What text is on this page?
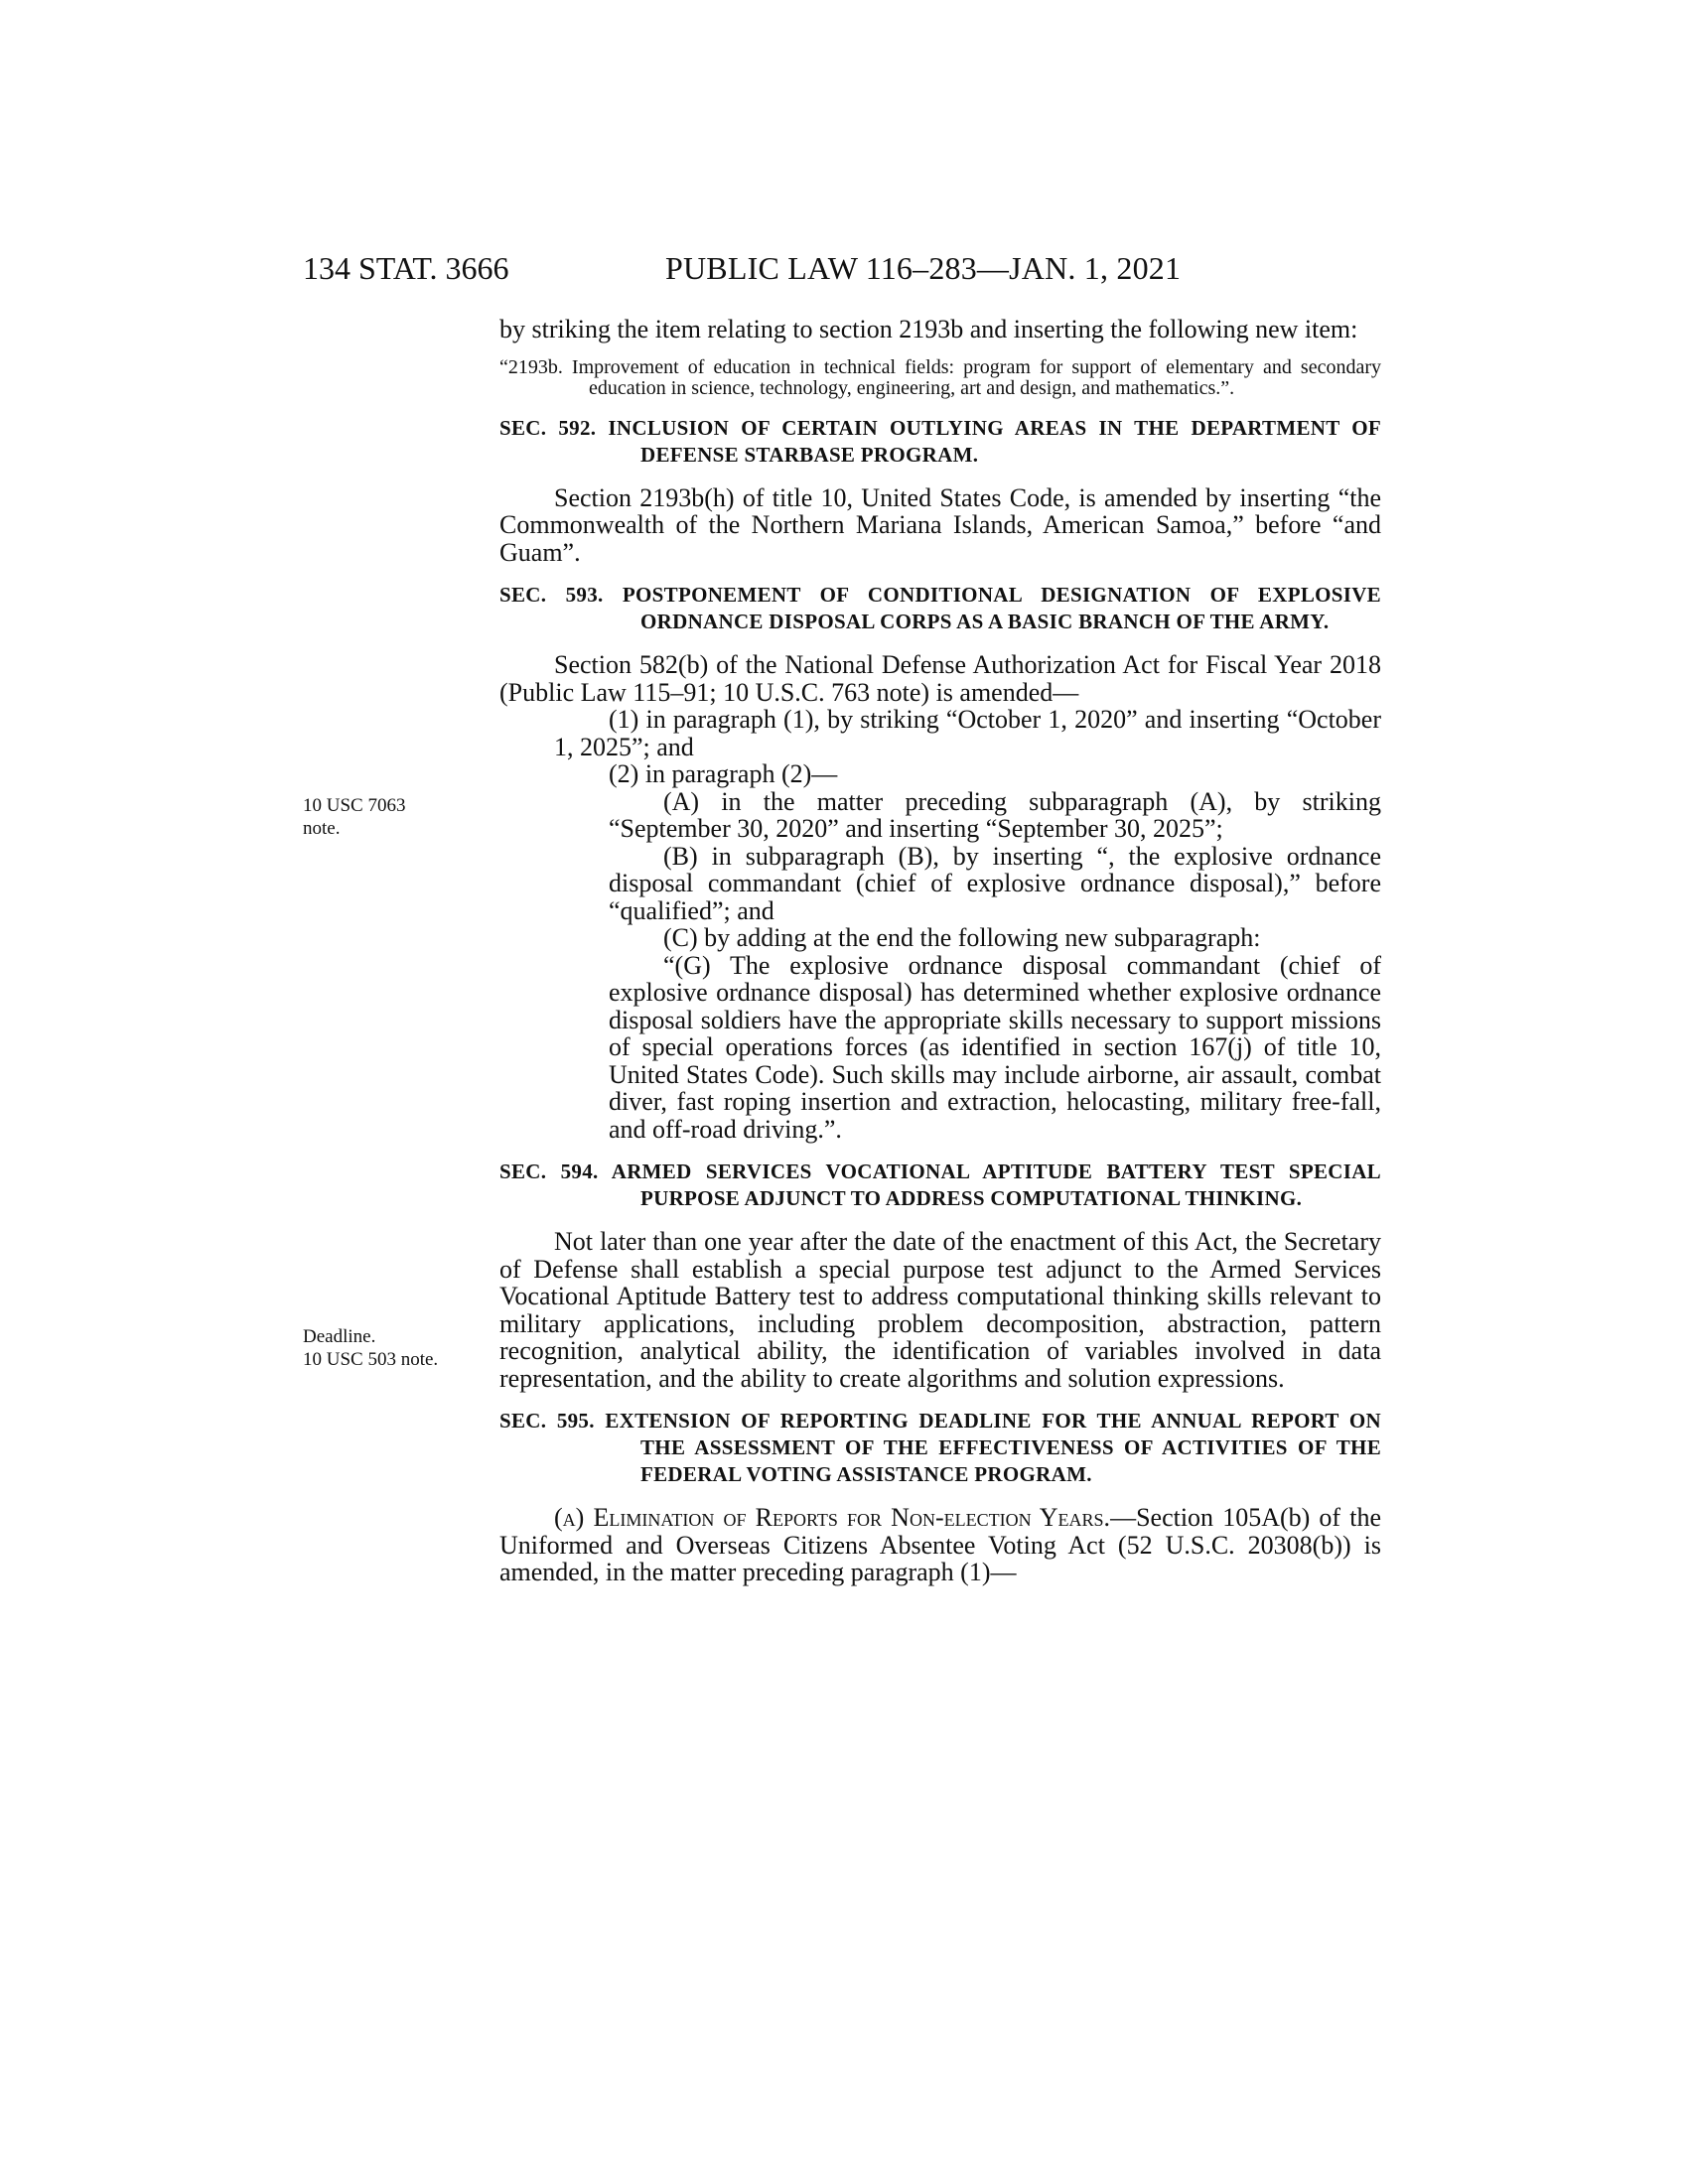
134 STAT. 3666	PUBLIC LAW 116–283—JAN. 1, 2021
10 USC 7063
note.
Deadline.
10 USC 503 note.

by striking the item relating to section 2193b and inserting the following new item:

“2193b. Improvement of education in technical fields: program for support of elementary and secondary education in science, technology, engineering, art and design, and mathematics.”.

SEC. 592. INCLUSION OF CERTAIN OUTLYING AREAS IN THE DEPARTMENT OF DEFENSE STARBASE PROGRAM.

Section 2193b(h) of title 10, United States Code, is amended by inserting “the Commonwealth of the Northern Mariana Islands, American Samoa,” before “and Guam”.

SEC. 593. POSTPONEMENT OF CONDITIONAL DESIGNATION OF EXPLOSIVE ORDNANCE DISPOSAL CORPS AS A BASIC BRANCH OF THE ARMY.

Section 582(b) of the National Defense Authorization Act for Fiscal Year 2018 (Public Law 115–91; 10 U.S.C. 763 note) is amended—

(1) in paragraph (1), by striking “October 1, 2020” and inserting “October 1, 2025”; and

(2) in paragraph (2)—

(A) in the matter preceding subparagraph (A), by striking “September 30, 2020” and inserting “September 30, 2025”;

(B) in subparagraph (B), by inserting “, the explosive ordnance disposal commandant (chief of explosive ordnance disposal),” before “qualified”; and

(C) by adding at the end the following new subparagraph:

“(G) The explosive ordnance disposal commandant (chief of explosive ordnance disposal) has determined whether explosive ordnance disposal soldiers have the appropriate skills necessary to support missions of special operations forces (as identified in section 167(j) of title 10, United States Code). Such skills may include airborne, air assault, combat diver, fast roping insertion and extraction, helocasting, military free-fall, and off-road driving.”.

SEC. 594. ARMED SERVICES VOCATIONAL APTITUDE BATTERY TEST SPECIAL PURPOSE ADJUNCT TO ADDRESS COMPUTATIONAL THINKING.

Not later than one year after the date of the enactment of this Act, the Secretary of Defense shall establish a special purpose test adjunct to the Armed Services Vocational Aptitude Battery test to address computational thinking skills relevant to military applications, including problem decomposition, abstraction, pattern recognition, analytical ability, the identification of variables involved in data representation, and the ability to create algorithms and solution expressions.

SEC. 595. EXTENSION OF REPORTING DEADLINE FOR THE ANNUAL REPORT ON THE ASSESSMENT OF THE EFFECTIVENESS OF ACTIVITIES OF THE FEDERAL VOTING ASSISTANCE PROGRAM.

(a) Elimination of Reports for Non-election Years.—Section 105A(b) of the Uniformed and Overseas Citizens Absentee Voting Act (52 U.S.C. 20308(b)) is amended, in the matter preceding paragraph (1)—
